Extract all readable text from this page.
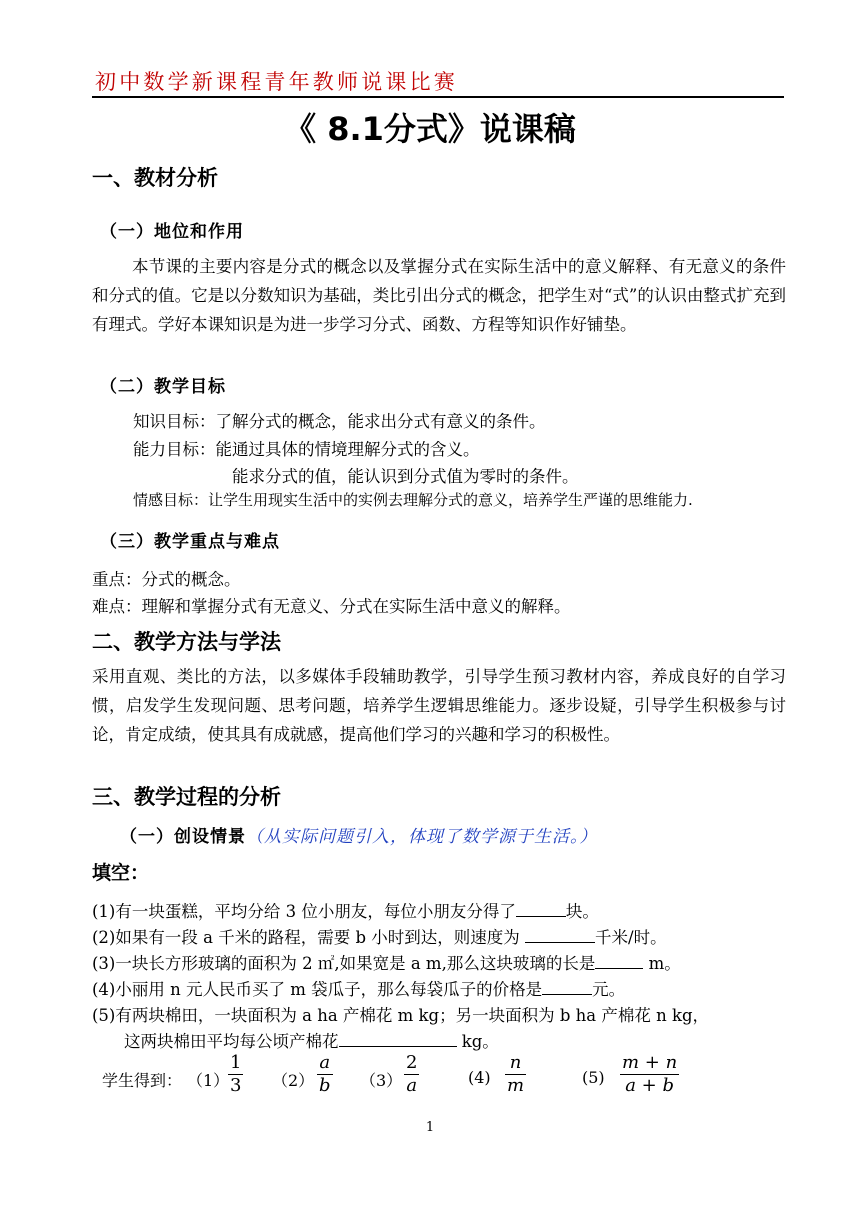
初中数学新课程青年教师说课比赛
《 8.1分式》说课稿
一、教材分析
（一）地位和作用
本节课的主要内容是分式的概念以及掌握分式在实际生活中的意义解释、有无意义的条件和分式的值。它是以分数知识为基础，类比引出分式的概念，把学生对“式”的认识由整式扩充到有理式。学好本课知识是为进一步学习分式、函数、方程等知识作好铺垫。
（二）教学目标
知识目标：了解分式的概念，能求出分式有意义的条件。
能力目标：能通过具体的情境理解分式的含义。
能求分式的值，能认识到分式值为零时的条件。
情感目标：让学生用现实生活中的实例去理解分式的意义，培养学生严谨的思维能力.
（三）教学重点与难点
重点：分式的概念。
难点：理解和掌握分式有无意义、分式在实际生活中意义的解释。
二、教学方法与学法
采用直观、类比的方法，以多媒体手段辅助教学，引导学生预习教材内容，养成良好的自学习惯，启发学生发现问题、思考问题，培养学生逻辑思维能力。逐步设疑，引导学生积极参与讨论，肯定成绩，使其具有成就感，提高他们学习的兴趣和学习的积极性。
三、教学过程的分析
（一）创设情景（从实际问题引入，体现了数学源于生活。）
填空：
(1)有一块蛋糕，平均分给 3 位小朋友，每位小朋友分得了	块。
(2)如果有一段 a 千米的路程，需要 b 小时到达，则速度为	千米/时。
(3)一块长方形玻璃的面积为 2 ㎡,如果宽是 a m,那么这块玻璃的长是	m。
(4)小丽用 n 元人民币买了 m 袋瓜子，那么每袋瓜子的价格是	元。
(5)有两块棉田，一块面积为 a ha 产棉花 m kg；另一块面积为 b ha 产棉花 n kg，
这两块棉田平均每公顷产棉花	kg。
学生得到： （1）
1
3 （2）
a
b （3）
2
a	(4)
n
m	(5)
m + n
a + b
1
